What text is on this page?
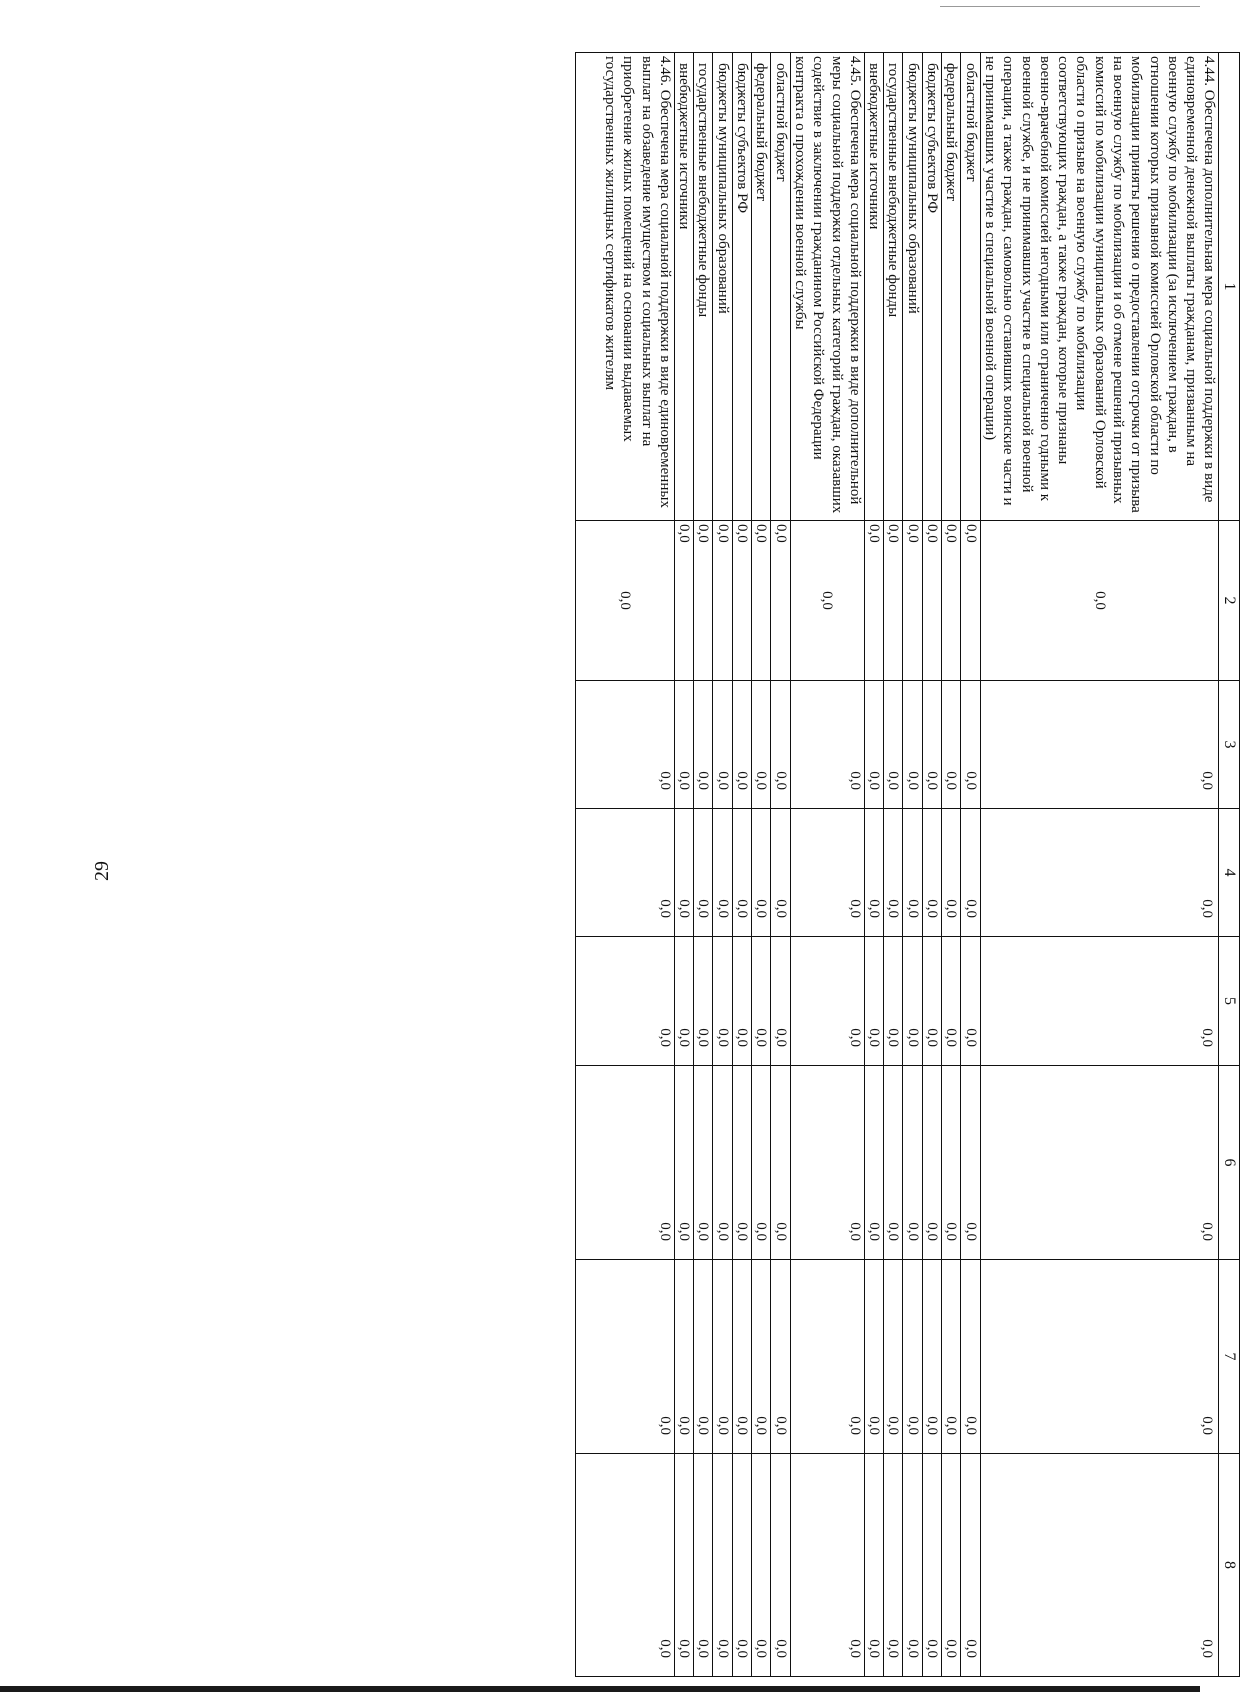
29
1	2	3	4	5	6	7	8
4.44. Обеспечена дополнительная мера социальной поддержки в виде единовременной денежной выплаты гражданам, призванным на военную службу по мобилизации (за исключением граждан, в отношении которых призывной комиссией Орловской области по мобилизации приняты решения о предоставлении отсрочки от призыва на военную службу по мобилизации и об отмене решений призывных комиссий по мобилизации муниципальных образований Орловской области о призыве на военную службу по мобилизации соответствующих граждан, а также граждан, которые признаны военно-врачебной комиссией негодными или ограниченно годными к военной службе, и не принимавших участие в специальной военной операции, а также граждан, самовольно оставивших воинские части и не принимавших участие в специальной военной операции)	0,0	0,0	0,0	0,0	0,0	0,0	0,0
областной бюджет	0,0	0,0	0,0	0,0	0,0	0,0	0,0
федеральный бюджет	0,0	0,0	0,0	0,0	0,0	0,0	0,0
бюджеты субъектов РФ	0,0	0,0	0,0	0,0	0,0	0,0	0,0
бюджеты муниципальных образований	0,0	0,0	0,0	0,0	0,0	0,0	0,0
государственные внебюджетные фонды	0,0	0,0	0,0	0,0	0,0	0,0	0,0
внебюджетные источники	0,0	0,0	0,0	0,0	0,0	0,0	0,0
4.45. Обеспечена мера социальной поддержки в виде дополнительной меры социальной поддержки отдельных категорий граждан, оказавших содействие в заключении гражданином Российской Федерации контракта о прохождении военной службы	0,0	0,0	0,0	0,0	0,0	0,0	0,0
областной бюджет	0,0	0,0	0,0	0,0	0,0	0,0	0,0
федеральный бюджет	0,0	0,0	0,0	0,0	0,0	0,0	0,0
бюджеты субъектов РФ	0,0	0,0	0,0	0,0	0,0	0,0	0,0
бюджеты муниципальных образований	0,0	0,0	0,0	0,0	0,0	0,0	0,0
государственные внебюджетные фонды	0,0	0,0	0,0	0,0	0,0	0,0	0,0
внебюджетные источники	0,0	0,0	0,0	0,0	0,0	0,0	0,0
4.46. Обеспечена мера социальной поддержки в виде единовременных выплат на обзаведение имуществом и социальных выплат на приобретение жилых помещений на основании выдаваемых государственных жилищных сертификатов жителям	0,0	0,0	0,0	0,0	0,0	0,0	0,0
